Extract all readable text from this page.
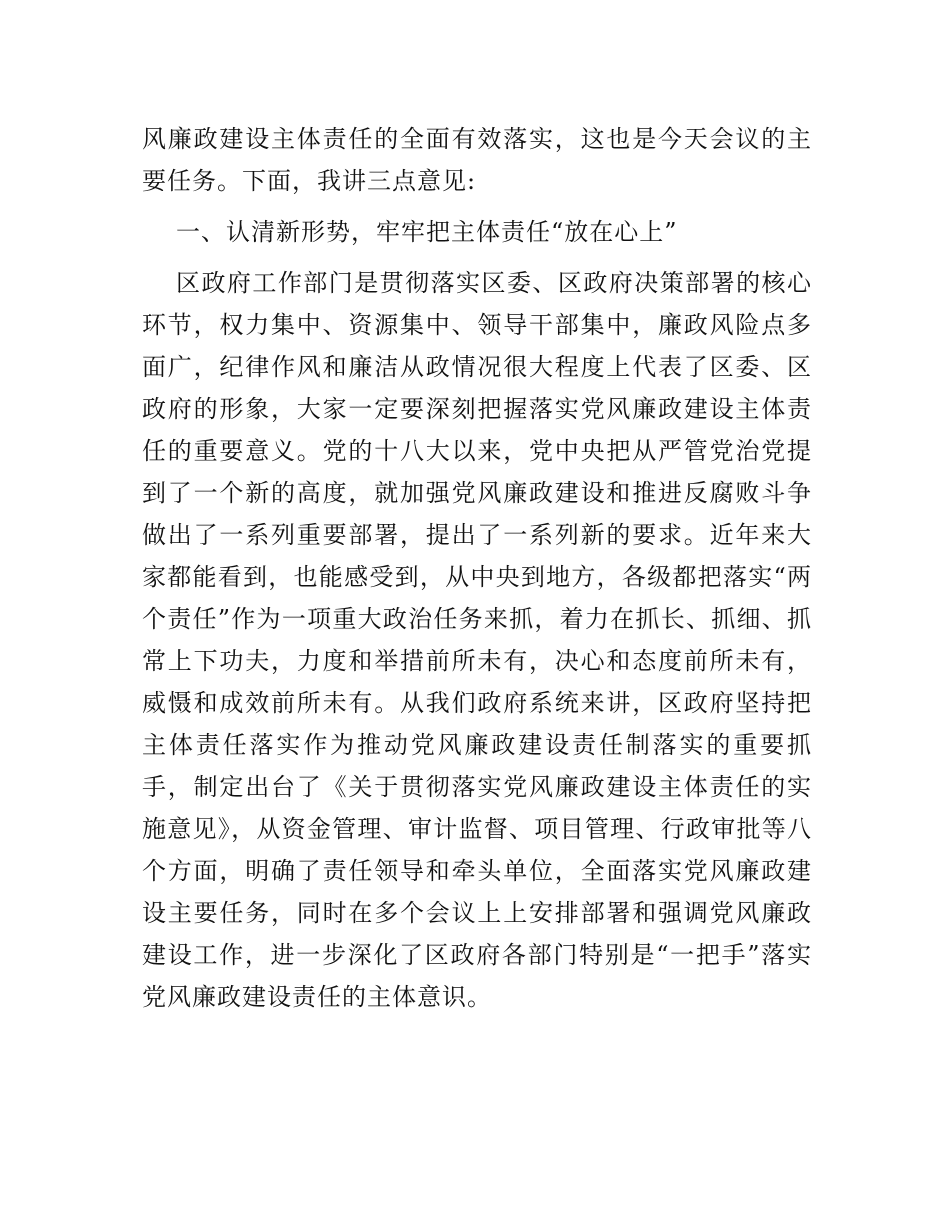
风廉政建设主体责任的全面有效落实，这也是今天会议的主要任务。下面，我讲三点意见:

一、认清新形势，牢牢把主体责任“放在心上”

区政府工作部门是贯彻落实区委、区政府决策部署的核心环节，权力集中、资源集中、领导干部集中，廉政风险点多面广，纪律作风和廉洁从政情况很大程度上代表了区委、区政府的形象，大家一定要深刻把握落实党风廉政建设主体责任的重要意义。党的十八大以来，党中央把从严管党治党提到了一个新的高度，就加强党风廉政建设和推进反腐败斗争做出了一系列重要部署，提出了一系列新的要求。近年来大家都能看到，也能感受到，从中央到地方，各级都把落实“两个责任”作为一项重大政治任务来抓，着力在抓长、抓细、抓常上下功夫，力度和举措前所未有，决心和态度前所未有，威慑和成效前所未有。从我们政府系统来讲，区政府坚持把主体责任落实作为推动党风廉政建设责任制落实的重要抓手，制定出台了《关于贯彻落实党风廉政建设主体责任的实施意见》，从资金管理、审计监督、项目管理、行政审批等八个方面，明确了责任领导和牵头单位，全面落实党风廉政建设主要任务，同时在多个会议上上安排部署和强调党风廉政建设工作，进一步深化了区政府各部门特别是“一把手”落实党风廉政建设责任的主体意识。
